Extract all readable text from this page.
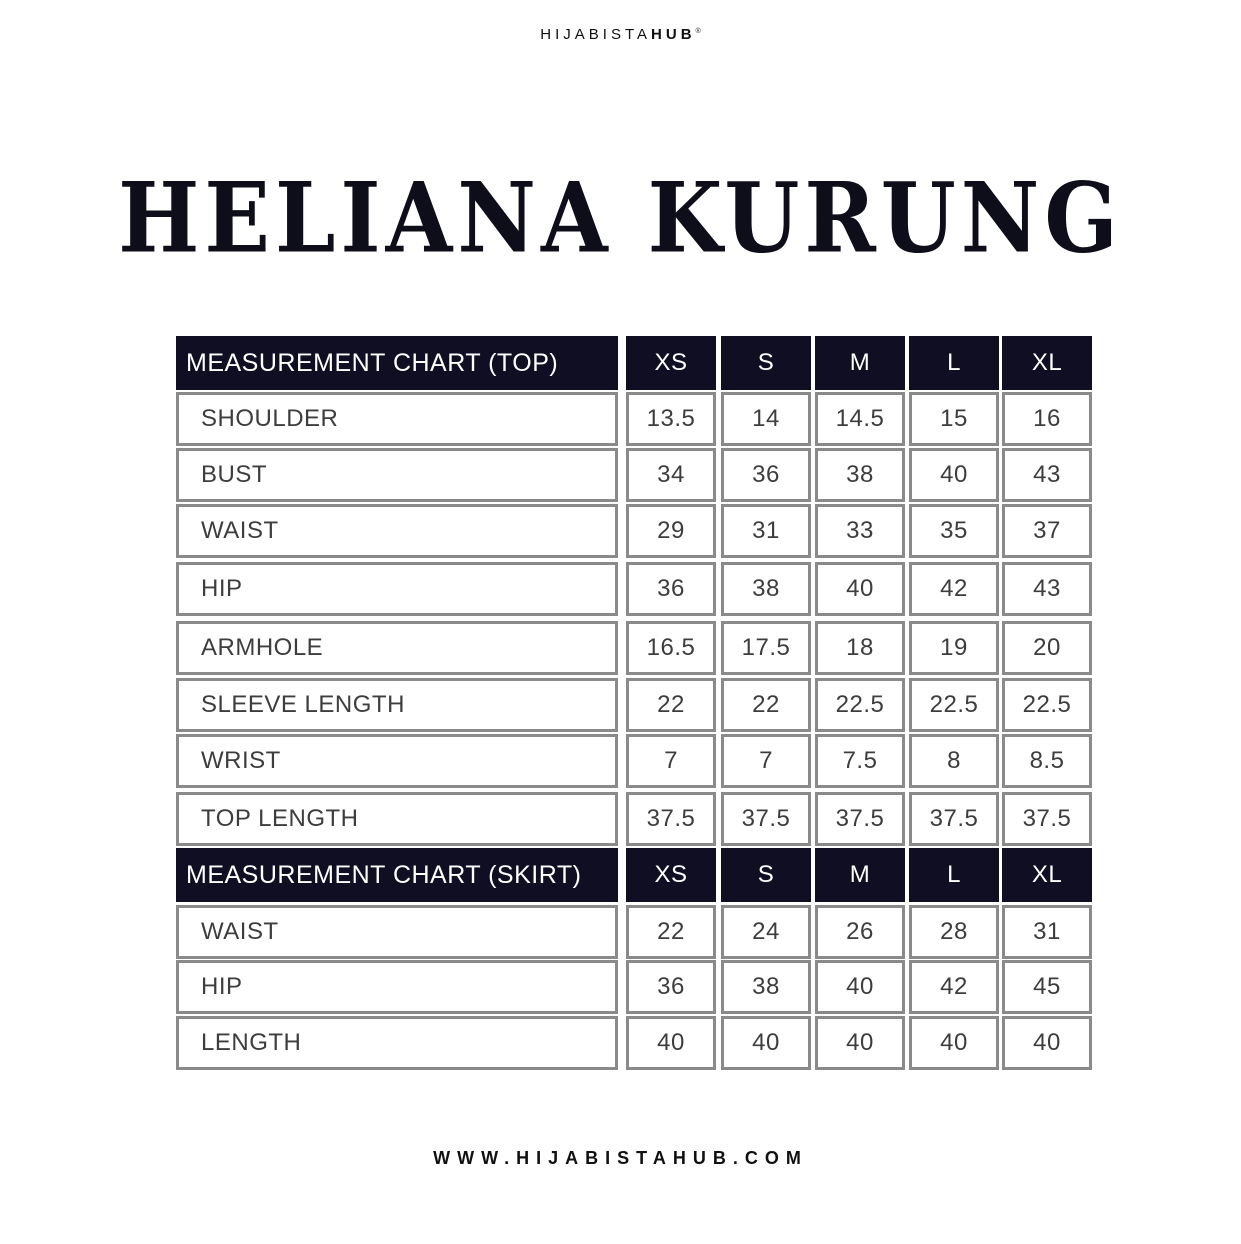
HIJABISTAHUB®
HELIANA KURUNG
MEASUREMENT CHART (TOP)	XS	S	M	L	XL
SHOULDER	13.5	14	14.5	15	16
BUST	34	36	38	40	43
WAIST	29	31	33	35	37
HIP	36	38	40	42	43
ARMHOLE	16.5	17.5	18	19	20
SLEEVE LENGTH	22	22	22.5	22.5	22.5
WRIST	7	7	7.5	8	8.5
TOP LENGTH	37.5	37.5	37.5	37.5	37.5
MEASUREMENT CHART (SKIRT)	XS	S	M	L	XL
WAIST	22	24	26	28	31
HIP	36	38	40	42	45
LENGTH	40	40	40	40	40
WWW.HIJABISTAHUB.COM
